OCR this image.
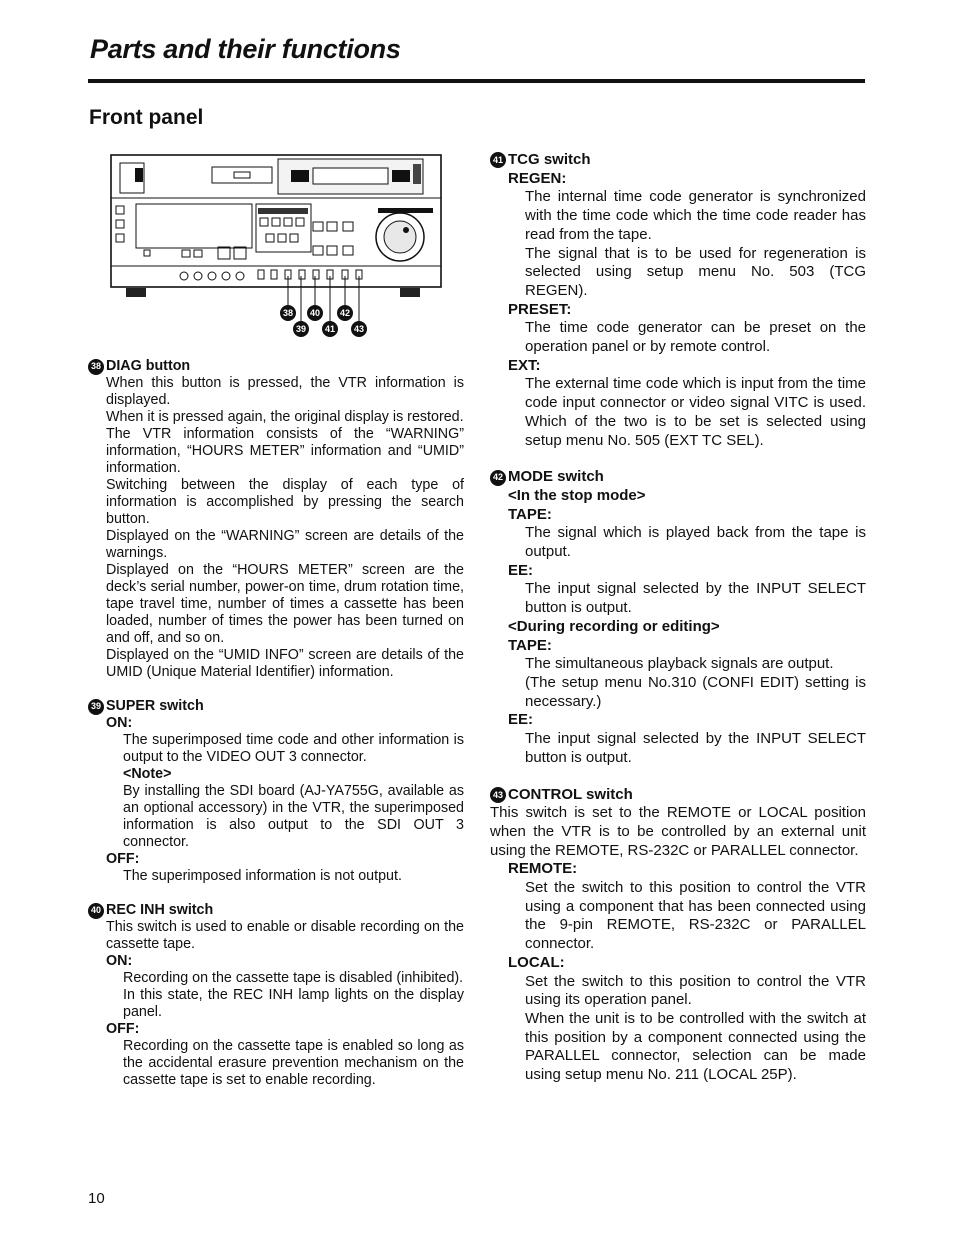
Parts and their functions
Front panel
38	40	42
39	41	43
38 DIAG button

When this button is pressed, the VTR information is displayed.

When it is pressed again, the original display is restored.

The VTR information consists of the “WARNING” information, “HOURS METER” information and “UMID” information.

Switching between the display of each type of information is accomplished by pressing the search button.

Displayed on the “WARNING” screen are details of the warnings.

Displayed on the “HOURS METER” screen are the deck’s serial number, power-on time, drum rotation time, tape travel time, number of times a cassette has been loaded, number of times the power has been turned on and off, and so on.

Displayed on the “UMID INFO” screen are details of the UMID (Unique Material Identifier) information.

39 SUPER switch

ON:

The superimposed time code and other information is output to the VIDEO OUT 3 connector.

<Note>

By installing the SDI board (AJ-YA755G, available as an optional accessory) in the VTR, the superimposed information is also output to the SDI OUT 3 connector.

OFF:

The superimposed information is not output.

40 REC INH switch

This switch is used to enable or disable recording on the cassette tape.

ON:

Recording on the cassette tape is disabled (inhibited).

In this state, the REC INH lamp lights on the display panel.

OFF:

Recording on the cassette tape is enabled so long as the accidental erasure prevention mechanism on the cassette tape is set to enable recording.

41 TCG switch

REGEN:

The internal time code generator is synchronized with the time code which the time code reader has read from the tape.

The signal that is to be used for regeneration is selected using setup menu No. 503 (TCG REGEN).

PRESET:

The time code generator can be preset on the operation panel or by remote control.

EXT:

The external time code which is input from the time code input connector or video signal VITC is used. Which of the two is to be set is selected using setup menu No. 505 (EXT TC SEL).

42 MODE switch

<In the stop mode>

TAPE:

The signal which is played back from the tape is output.

EE:

The input signal selected by the INPUT SELECT button is output.

<During recording or editing>

TAPE:

The simultaneous playback signals are output.

(The setup menu No.310 (CONFI EDIT) setting is necessary.)

EE:

The input signal selected by the INPUT SELECT button is output.

43 CONTROL switch

This switch is set to the REMOTE or LOCAL position when the VTR is to be controlled by an external unit using the REMOTE, RS-232C or PARALLEL connector.

REMOTE:

Set the switch to this position to control the VTR using a component that has been connected using the 9-pin REMOTE, RS-232C or PARALLEL connector.

LOCAL:

Set the switch to this position to control the VTR using its operation panel.

When the unit is to be controlled with the switch at this position by a component connected using the PARALLEL connector, selection can be made using setup menu No. 211 (LOCAL 25P).

10
